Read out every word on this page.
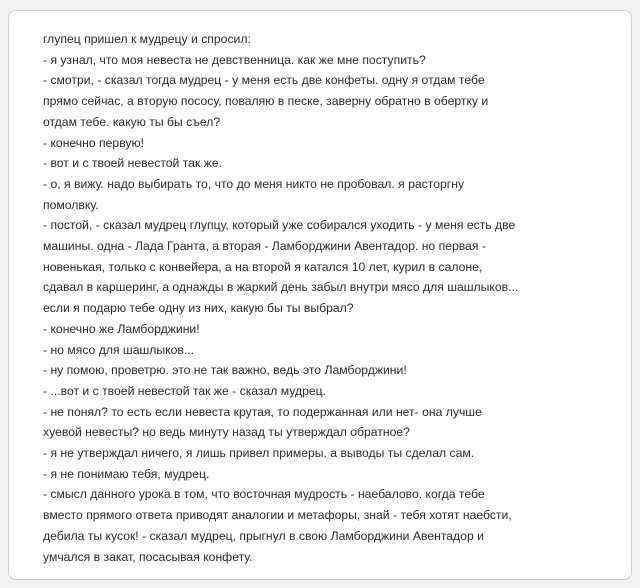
глупец пришел к мудрецу и спросил:
- я узнал, что моя невеста не девственница. как же мне поступить?
- смотри, - сказал тогда мудрец - у меня есть две конфеты. одну я отдам тебе
прямо сейчас, а вторую пососу, поваляю в песке, заверну обратно в обертку и
отдам тебе. какую ты бы съел?
- конечно первую!
- вот и с твоей невестой так же.
- о, я вижу. надо выбирать то, что до меня никто не пробовал. я расторгну
помолвку.
- постой, - сказал мудрец глупцу, который уже собирался уходить - у меня есть две
машины. одна - Лада Гранта, а вторая - Ламборджини Авентадор. но первая -
новенькая, только с конвейера, а на второй я катался 10 лет, курил в салоне,
сдавал в каршеринг, а однажды в жаркий день забыл внутри мясо для шашлыков...
если я подарю тебе одну из них, какую бы ты выбрал?
- конечно же Ламборджини!
- но мясо для шашлыков...
- ну помою, проветрю. это не так важно, ведь это Ламборджини!
- ...вот и с твоей невестой так же - сказал мудрец.
- не понял? то есть если невеста крутая, то подержанная или нет- она лучше
хуевой невесты? но ведь минуту назад ты утверждал обратное?
- я не утверждал ничего, я лишь привел примеры. а выводы ты сделал сам.
- я не понимаю тебя, мудрец.
- смысл данного урока в том, что восточная мудрость - наебалово. когда тебе
вместо прямого ответа приводят аналогии и метафоры, знай - тебя хотят наебсти,
дебила ты кусок! - сказал мудрец, прыгнул в свою Ламборджини Авентадор и
умчался в закат, посасывая конфету.
